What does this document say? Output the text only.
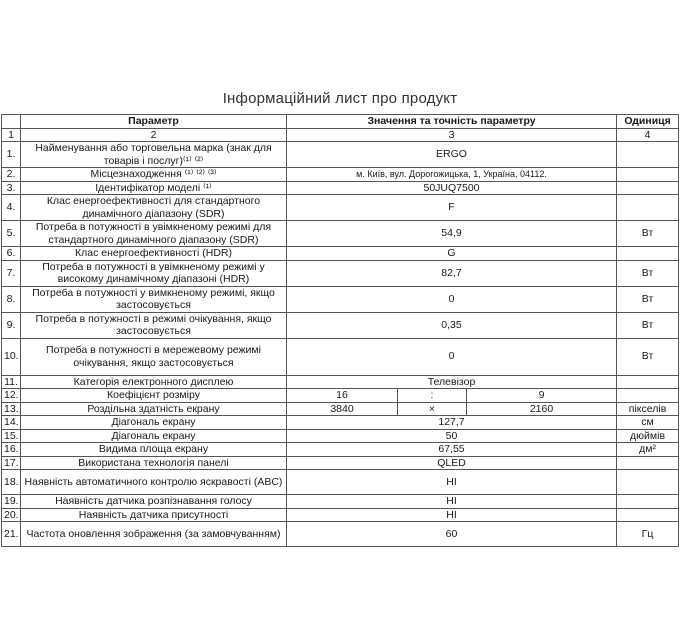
Інформаційний лист про продукт
	Параметр	Значення та точність параметру			Одиниця
1	2	3			4
1.	Найменування або торговельна марка (знак для товарів і послуг)⁽¹⁾ ⁽²⁾	ERGO			
2.	Місцезнаходження ⁽¹⁾ ⁽²⁾ ⁽³⁾	м. Київ, вул. Дорогожицька, 1, Україна, 04112.			
3.	Ідентифікатор моделі ⁽¹⁾	50JUQ7500			
4.	Клас енергоефективності для стандартного динамічного діапазону (SDR)	F			
5.	Потреба в потужності в увімкненому режимі для стандартного динамічного діапазону (SDR)	54,9			Вт
6.	Клас енергоефективності (HDR)	G			
7.	Потреба в потужності в увімкненому режимі у високому динамічному діапазоні (HDR)	82,7			Вт
8.	Потреба в потужності у вимкненому режимі, якщо застосовується	0			Вт
9.	Потреба в потужності в режимі очікування, якщо застосовується	0,35			Вт
10.	Потреба в потужності в мережевому режимі очікування, якщо застосовується	0			Вт
11.	Категорія електронного дисплею	Телевізор			
12.	Коефіцієнт розміру	16	:	9	
13.	Роздільна здатність екрану	3840	×	2160	пікселів
14.	Діагональ екрану	127,7			см
15.	Діагональ екрану	50			дюймів
16.	Видима площа екрану	67,55			дм²
17.	Використана технологія панелі	QLED			
18.	Наявність автоматичного контролю яскравості (ABC)	НІ			
19.	Наявність датчика розпізнавання голосу	НІ			
20.	Наявність датчика присутності	НІ			
21.	Частота оновлення зображення (за замовчуванням)	60			Гц
